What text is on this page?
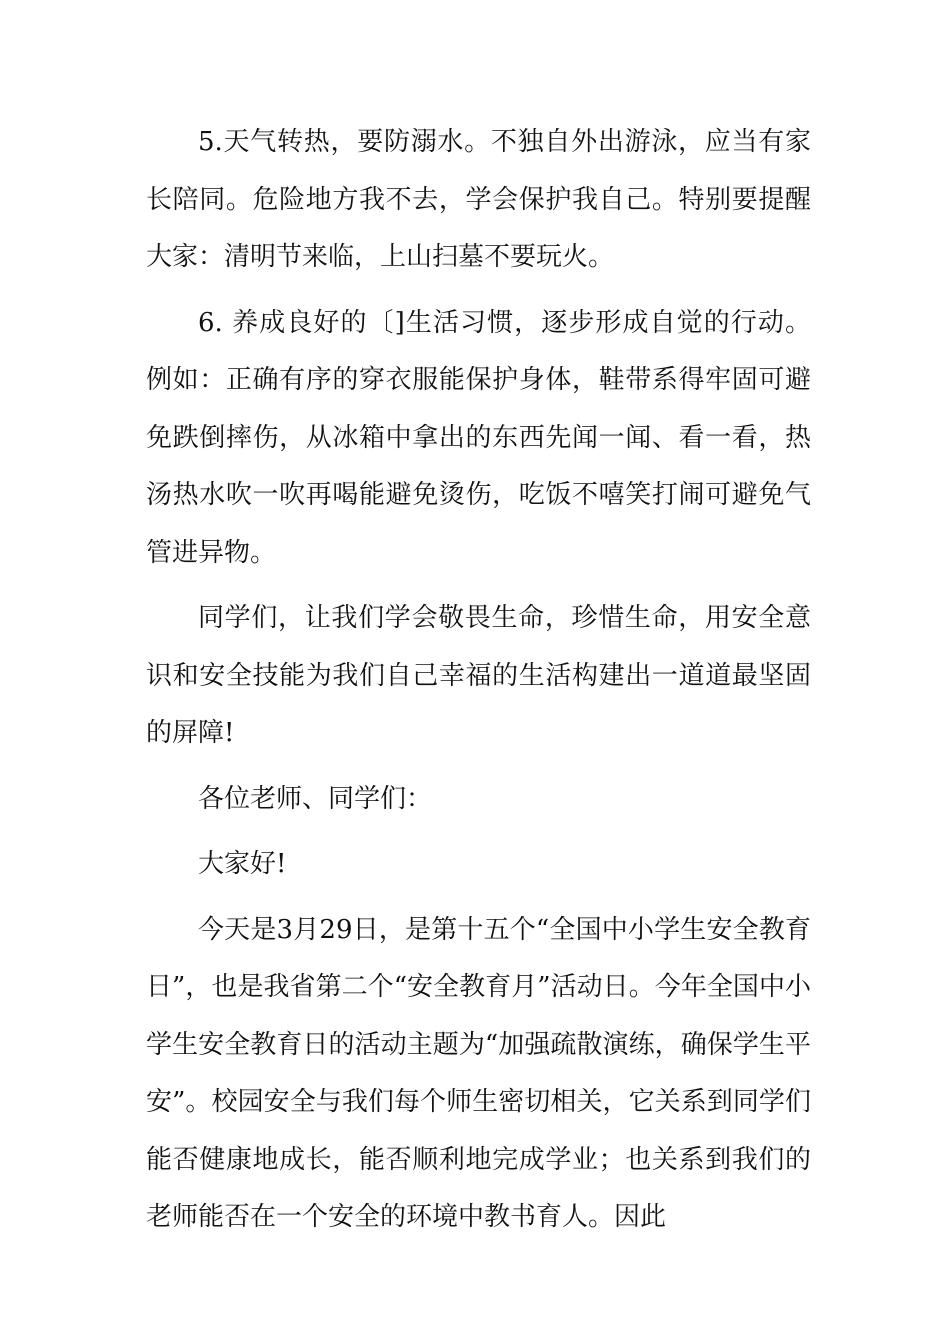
5.天气转热，要防溺水。不独自外出游泳，应当有家长陪同。危险地方我不去，学会保护我自己。特别要提醒大家：清明节来临，上山扫墓不要玩火。

6. 养成良好的〔]生活习惯，逐步形成自觉的行动。例如：正确有序的穿衣服能保护身体，鞋带系得牢固可避免跌倒摔伤，从冰箱中拿出的东西先闻一闻、看一看，热汤热水吹一吹再喝能避免烫伤，吃饭不嘻笑打闹可避免气管进异物。

同学们，让我们学会敬畏生命，珍惜生命，用安全意识和安全技能为我们自己幸福的生活构建出一道道最坚固的屏障!

各位老师、同学们：

大家好!

今天是3月29日，是第十五个“全国中小学生安全教育日”，也是我省第二个“安全教育月”活动日。今年全国中小学生安全教育日的活动主题为“加强疏散演练，确保学生平安”。校园安全与我们每个师生密切相关，它关系到同学们能否健康地成长，能否顺利地完成学业；也关系到我们的老师能否在一个安全的环境中教书育人。因此
